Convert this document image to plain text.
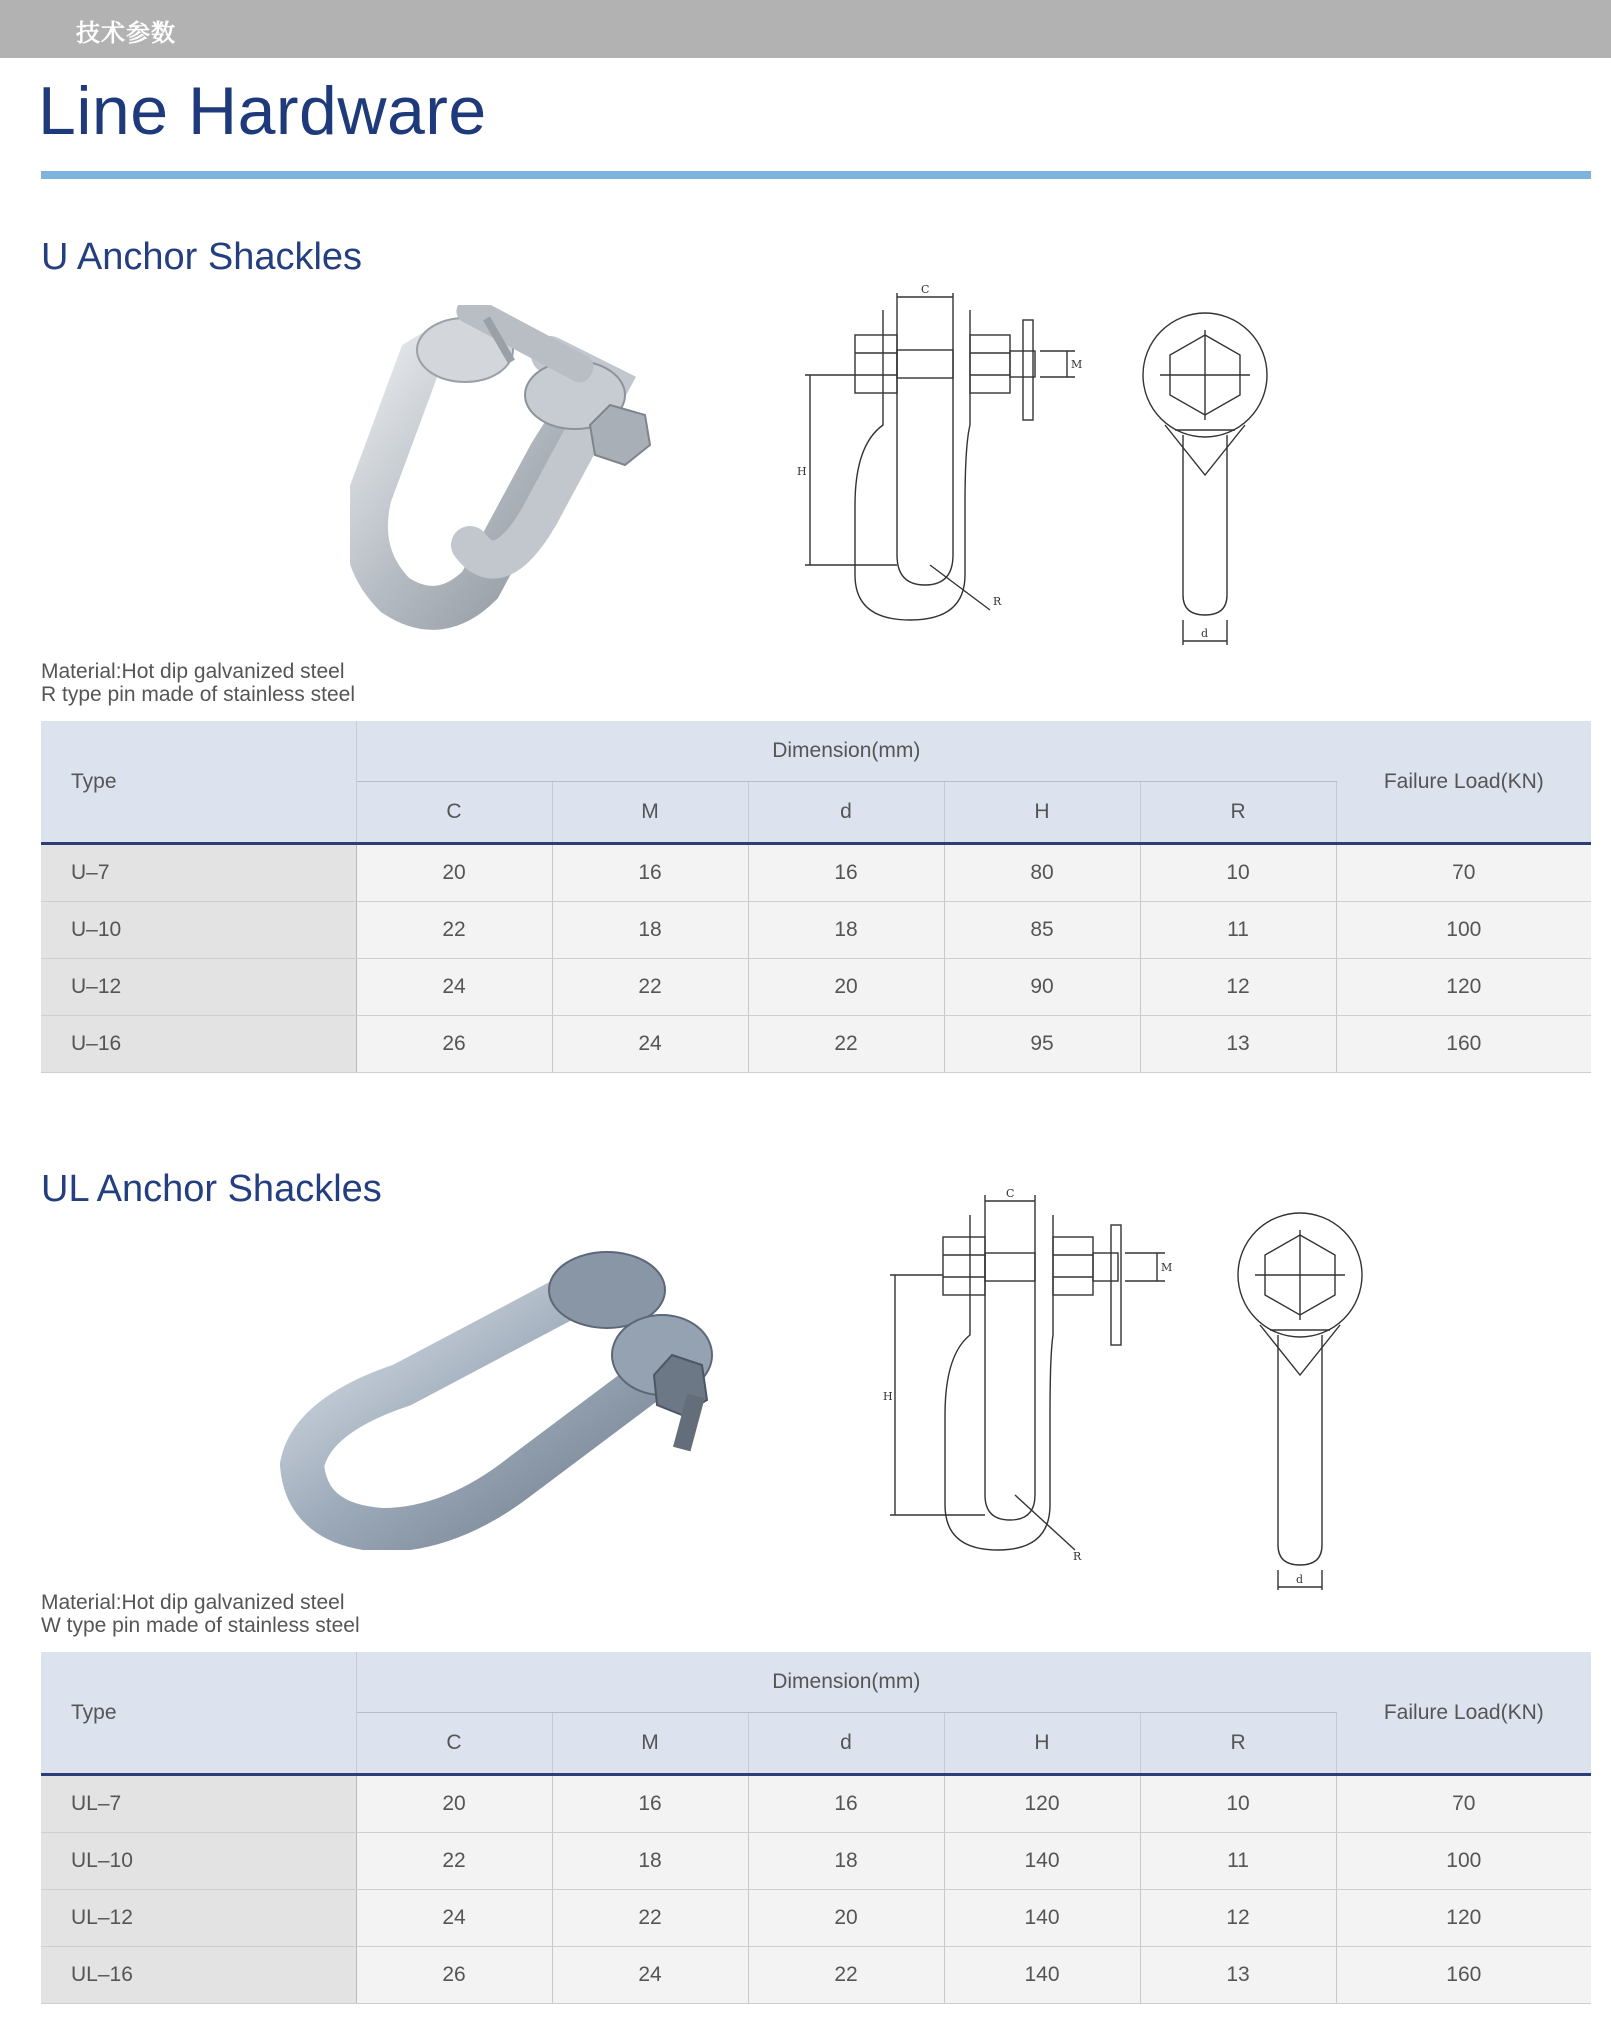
技术参数
Line Hardware
U Anchor Shackles
C
M
H
R
d
Material:Hot dip galvanized steel
R type pin made of stainless steel
Type	Dimension(mm)					Failure Load(KN)
	C	M	d	H	R	
U–7	20	16	16	80	10	70
U–10	22	18	18	85	11	100
U–12	24	22	20	90	12	120
U–16	26	24	22	95	13	160
UL Anchor Shackles	C
M
H
R
d
Material:Hot dip galvanized steel
W type pin made of stainless steel
Type	Dimension(mm)					Failure Load(KN)
	C	M	d	H	R	
UL–7	20	16	16	120	10	70
UL–10	22	18	18	140	11	100
UL–12	24	22	20	140	12	120
UL–16	26	24	22	140	13	160
